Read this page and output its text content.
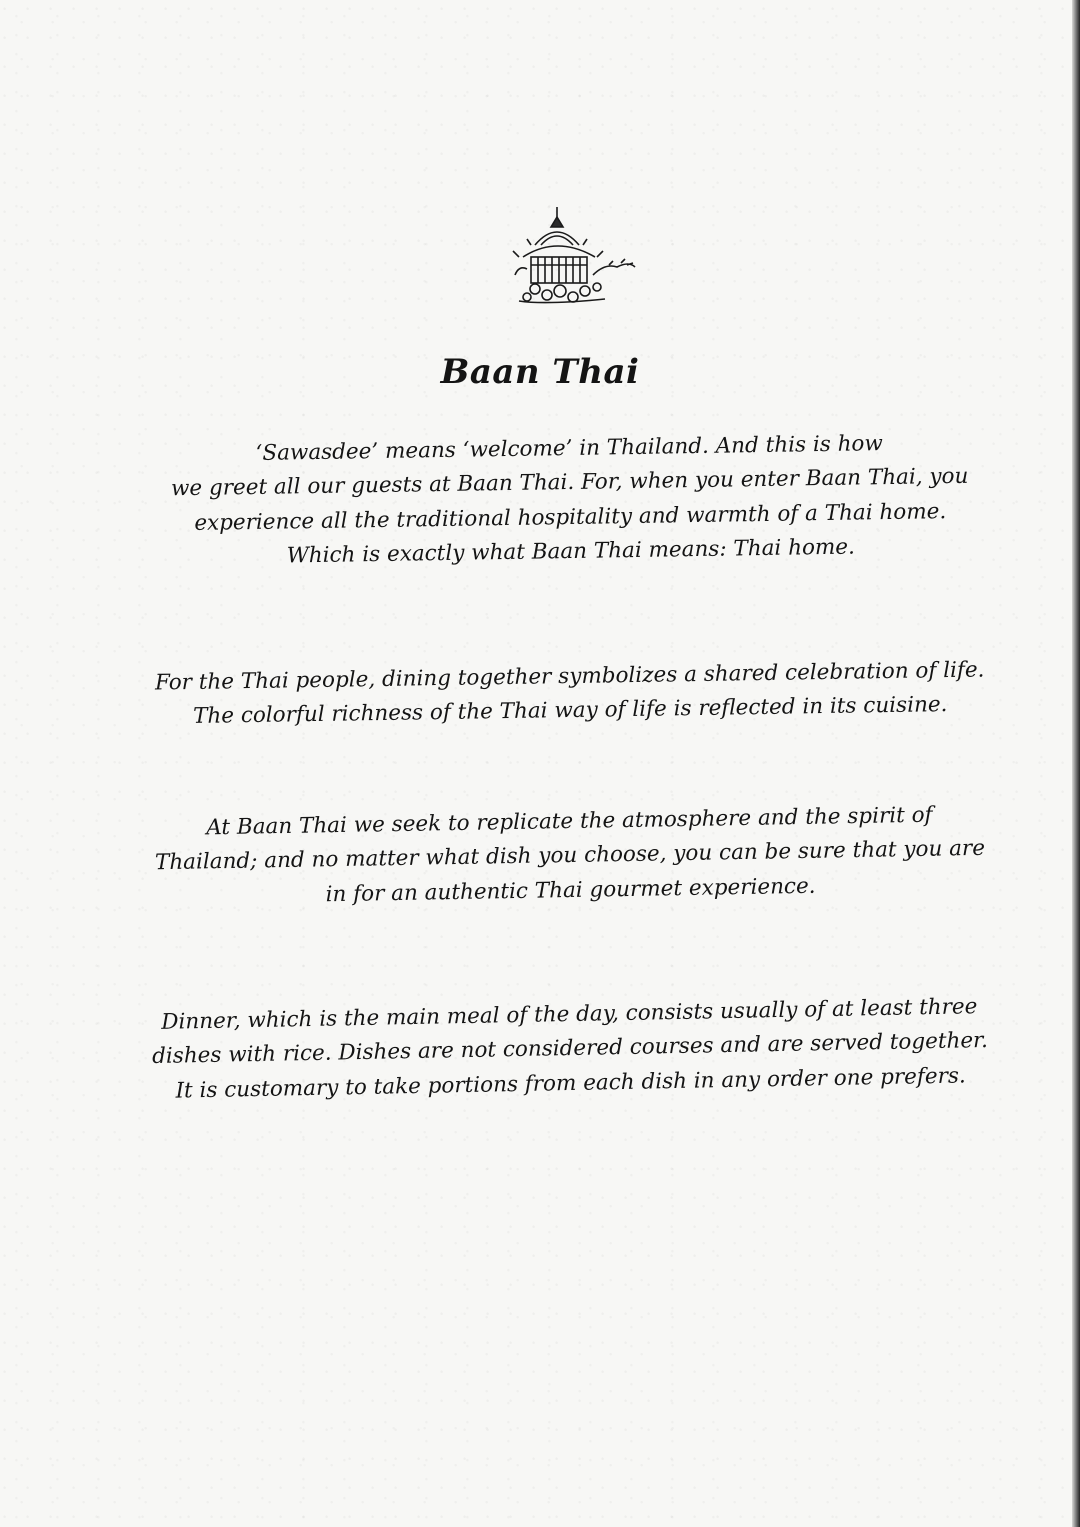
Baan Thai
‘Sawasdee’ means ‘welcome’ in Thailand. And this is how
we greet all our guests at Baan Thai. For, when you enter Baan Thai, you
experience all the traditional hospitality and warmth of a Thai home.
Which is exactly what Baan Thai means: Thai home.
For the Thai people, dining together symbolizes a shared celebration of life.
The colorful richness of the Thai way of life is reflected in its cuisine.
At Baan Thai we seek to replicate the atmosphere and the spirit of
Thailand; and no matter what dish you choose, you can be sure that you are
in for an authentic Thai gourmet experience.
Dinner, which is the main meal of the day, consists usually of at least three
dishes with rice. Dishes are not considered courses and are served together.
It is customary to take portions from each dish in any order one prefers.
